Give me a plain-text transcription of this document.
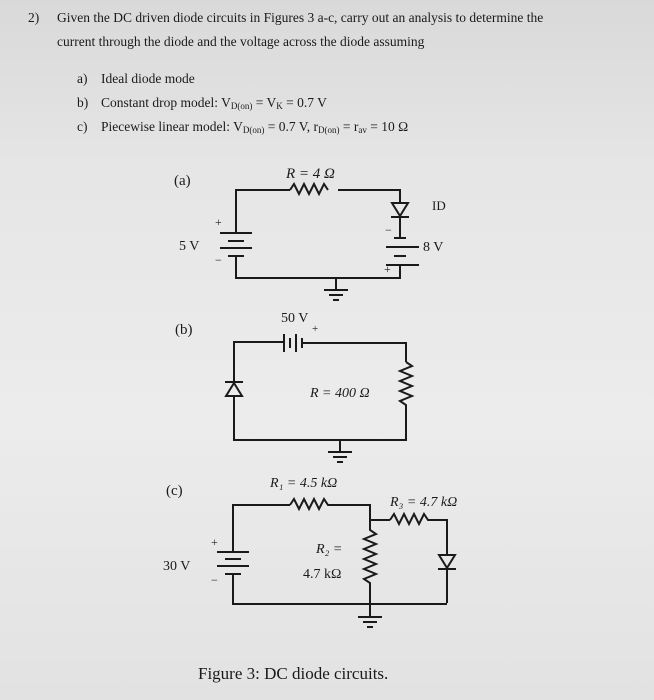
2) Given the DC driven diode circuits in Figures 3 a-c, carry out an analysis to determine the
current through the diode and the voltage across the diode assuming
a) Ideal diode mode
b) Constant drop model: $V_{D(on)} = V_K = 0.7$ V
c) Piecewise linear model: $V_{D(on)} = 0.7$ V, $r_{D(on)} = r_{av} = 10$ Ω
(a)	R = 4 Ω
+
−
5 V
−
+
8 V
ID
(b)
50 V
+
R = 400 Ω
(c)	R₁ = 4.5 kΩ
R₃ = 4.7 kΩ
R₂ =
4.7 kΩ
30 V
+
−
Figure 3: DC diode circuits.
